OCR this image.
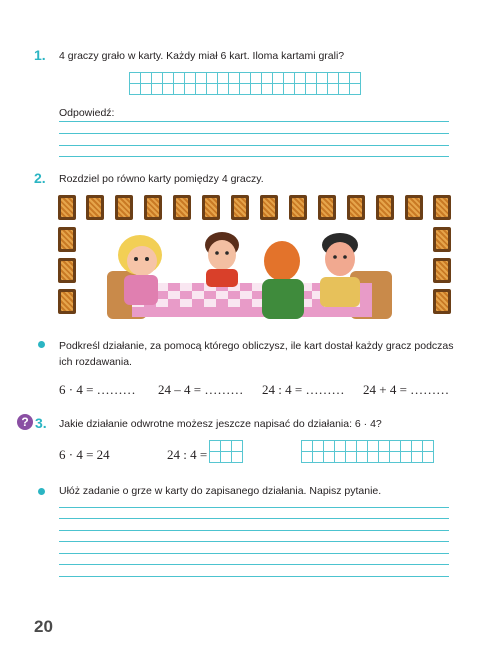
1. 4 graczy grało w karty. Każdy miał 6 kart. Iloma kartami grali?

Odpowiedź:
2. Rozdziel po równo karty pomiędzy 4 graczy.
Podkreśl działanie, za pomocą którego obliczysz, ile kart dostał każdy gracz podczas ich rozdawania.
6 · 4 = ……… 24 – 4 = ……… 24 : 4 = ……… 24 + 4 = ………
? 3. Jakie działanie odwrotne możesz jeszcze napisać do działania: 6 · 4?
6 · 4 = 24	24 : 4 =

Ułóż zadanie o grze w karty do zapisanego działania. Napisz pytanie.
20
